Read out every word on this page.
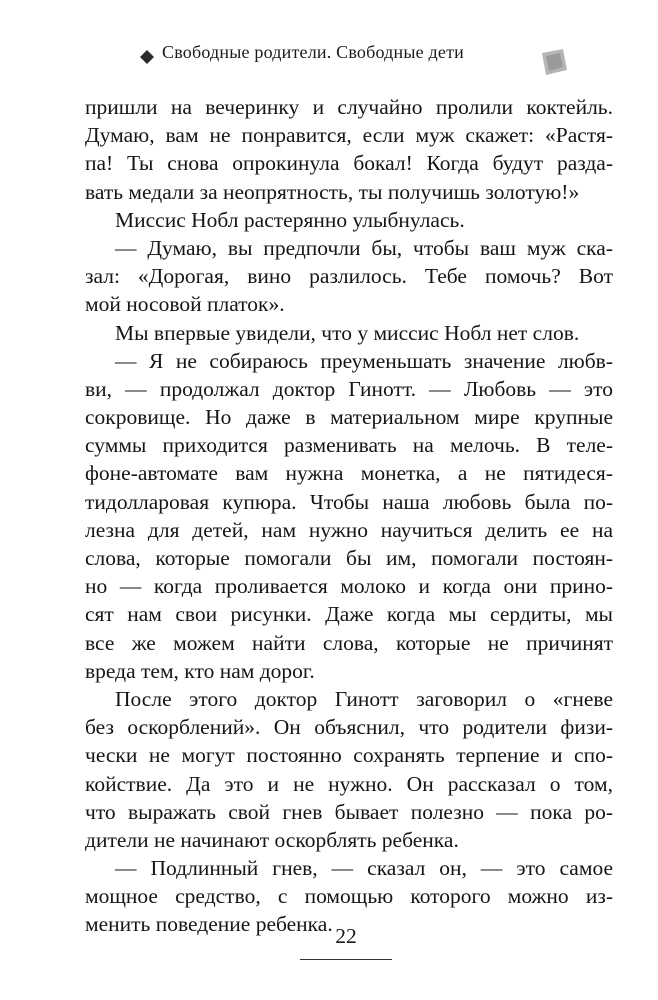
Свободные родители. Свободные дети
пришли на вечеринку и случайно пролили коктейль.
Думаю, вам не понравится, если муж скажет: «Растя-
па! Ты снова опрокинула бокал! Когда будут разда-
вать медали за неопрятность, ты получишь золотую!»
Миссис Нобл растерянно улыбнулась.
— Думаю, вы предпочли бы, чтобы ваш муж ска-
зал: «Дорогая, вино разлилось. Тебе помочь? Вот
мой носовой платок».
Мы впервые увидели, что у миссис Нобл нет слов.
— Я не собираюсь преуменьшать значение любв-
ви, — продолжал доктор Гинотт. — Любовь — это
сокровище. Но даже в материальном мире крупные
суммы приходится разменивать на мелочь. В теле-
фоне-автомате вам нужна монетка, а не пятидеся-
тидолларовая купюра. Чтобы наша любовь была по-
лезна для детей, нам нужно научиться делить ее на
слова, которые помогали бы им, помогали постоян-
но — когда проливается молоко и когда они прино-
сят нам свои рисунки. Даже когда мы сердиты, мы
все же можем найти слова, которые не причинят
вреда тем, кто нам дорог.
После этого доктор Гинотт заговорил о «гневе
без оскорблений». Он объяснил, что родители физи-
чески не могут постоянно сохранять терпение и спо-
койствие. Да это и не нужно. Он рассказал о том,
что выражать свой гнев бывает полезно — пока ро-
дители не начинают оскорблять ребенка.
— Подлинный гнев, — сказал он, — это самое
мощное средство, с помощью которого можно из-
менить поведение ребенка. 22
